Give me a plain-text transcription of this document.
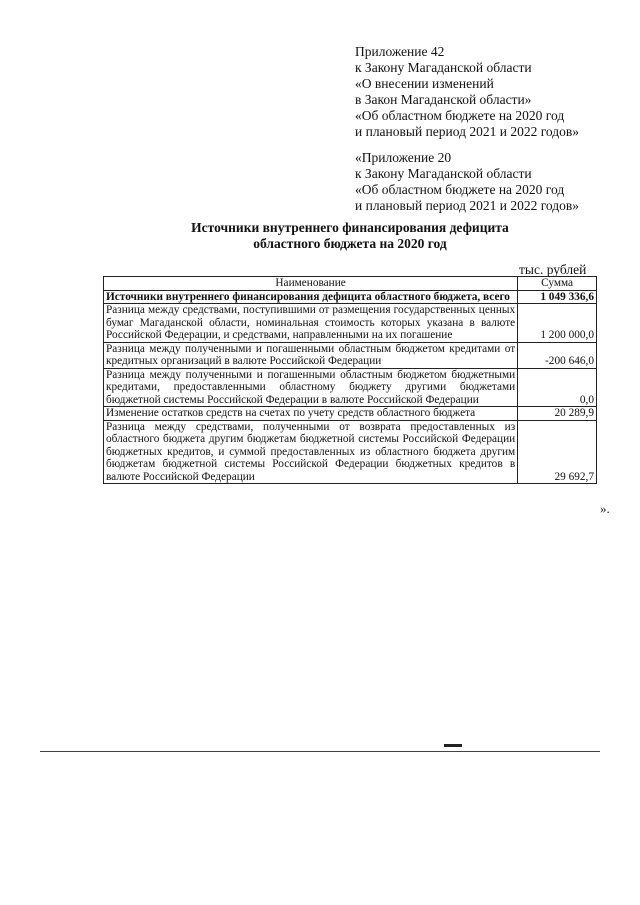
Приложение 42
к Закону Магаданской области
«О внесении изменений
в Закон Магаданской области»
«Об областном бюджете на 2020 год
и плановый период 2021 и 2022 годов»
«Приложение 20
к Закону Магаданской области
«Об областном бюджете на 2020 год
и плановый период 2021 и 2022 годов»
Источники внутреннего финансирования дефицита
областного бюджета на 2020 год
тыс. рублей
Наименование	Сумма
Источники внутреннего финансирования дефицита областного бюджета, всего	1 049 336,6
Разница между средствами, поступившими от размещения государственных ценных бумаг Магаданской области, номинальная стоимость которых указана в валюте Российской Федерации, и средствами, направленными на их погашение	1 200 000,0
Разница между полученными и погашенными областным бюджетом кредитами от кредитных организаций в валюте Российской Федерации	-200 646,0
Разница между полученными и погашенными областным бюджетом бюджетными кредитами, предоставленными областному бюджету другими бюджетами бюджетной системы Российской Федерации в валюте Российской Федерации	0,0
Изменение остатков средств на счетах по учету средств областного бюджета	20 289,9
Разница между средствами, полученными от возврата предоставленных из областного бюджета другим бюджетам бюджетной системы Российской Федерации бюджетных кредитов, и суммой предоставленных из областного бюджета другим бюджетам бюджетной системы Российской Федерации бюджетных кредитов в валюте Российской Федерации	29 692,7
».
